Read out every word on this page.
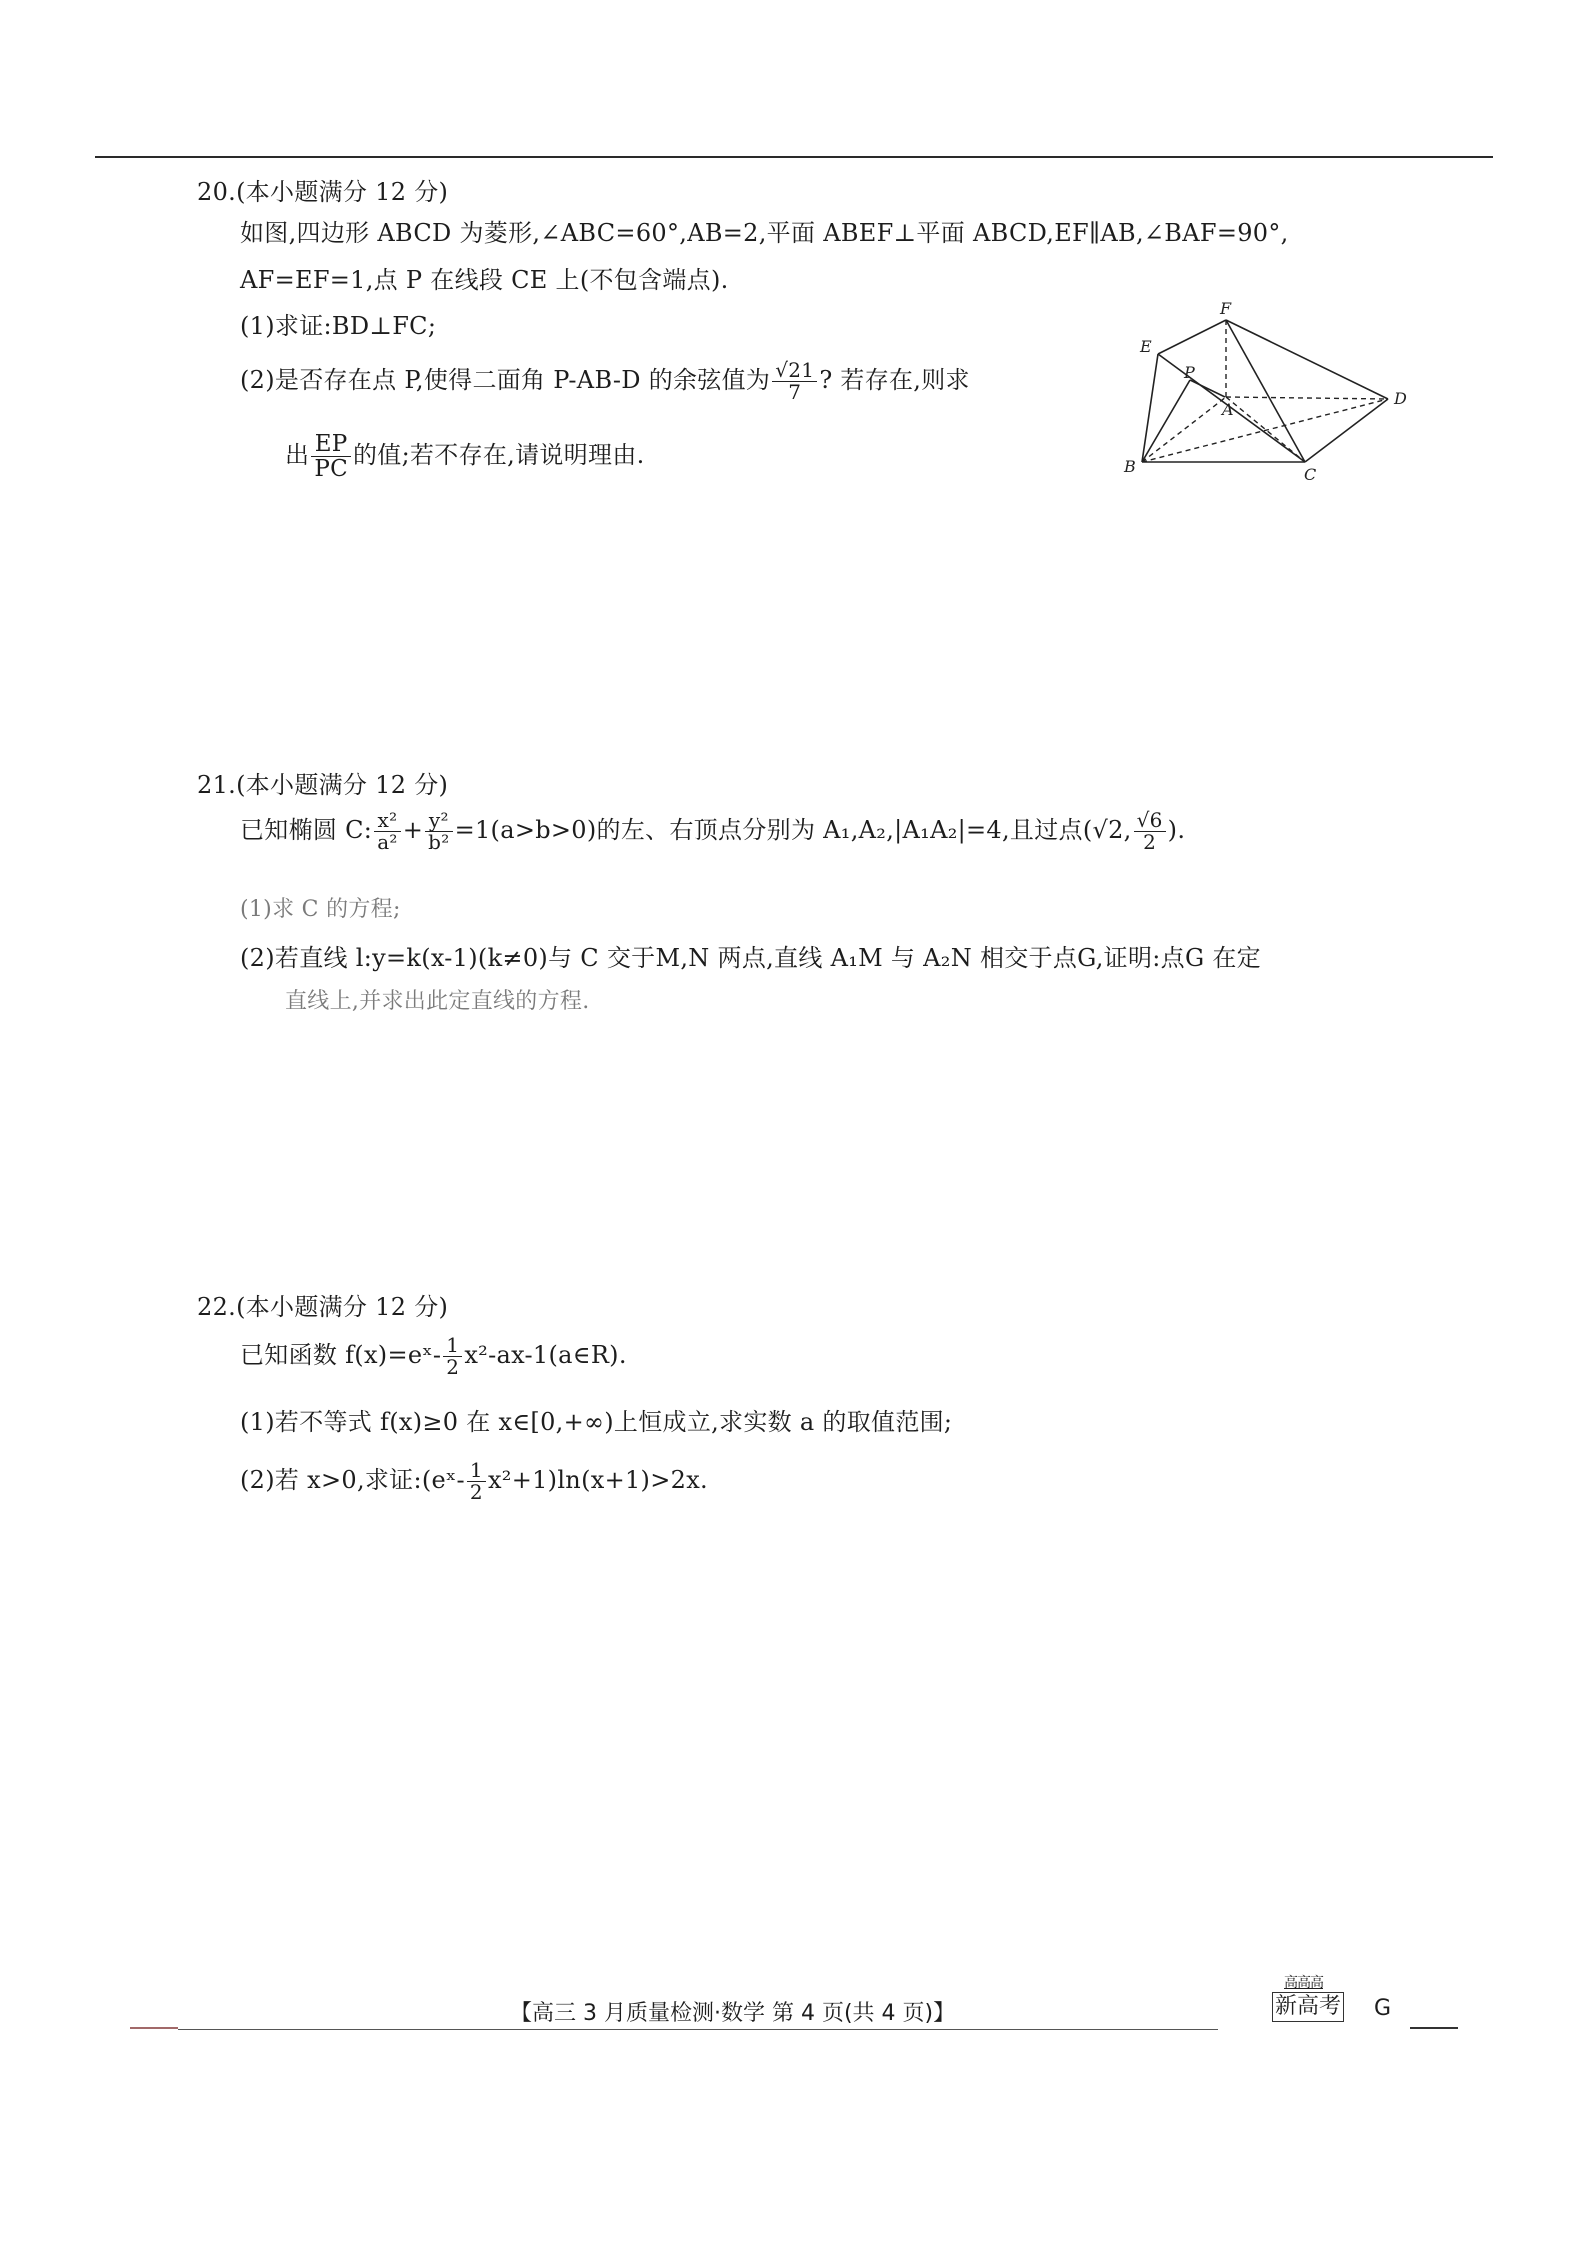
20.(本小题满分 12 分)
如图,四边形 ABCD 为菱形,∠ABC=60°,AB=2,平面 ABEF⊥平面 ABCD,EF∥AB,∠BAF=90°,
AF=EF=1,点 P 在线段 CE 上(不包含端点).
(1)求证:BD⊥FC;
(2)是否存在点 P,使得二面角 P-AB-D 的余弦值为 $\frac{√21}{7}$ ? 若存在,则求
出 $\frac{EP}{PC}$ 的值;若不存在,请说明理由.
F
E
P
A
D
B	C
21.(本小题满分 12 分)
已知椭圆 C: $\frac{\text{x²}}{\text{a²}} + \frac{\text{y²}}{\text{b²}} =1(a>b>0)$的左、右顶点分别为 A₁,A₂,|A₁A₂|=4,且过点(√2, $\frac{√6}{2}$ ).
(1)求 C 的方程;
(2)若直线 l:y=k(x-1)(k≠0)与 C 交于M,N 两点,直线 A₁M 与 A₂N 相交于点G,证明:点G 在定
直线上,并求出此定直线的方程.
22.(本小题满分 12 分)
已知函数 f(x)=eˣ- $\frac{1}{2}$ x²-ax-1(a∈R).
(1)若不等式 f(x)≥0 在 x∈[0,+∞)上恒成立,求实数 a 的取值范围;
(2)若 x>0,求证:(eˣ- $\frac{1}{2} x^2+1)\ln(x+1)>2x$.
【高三 3 月质量检测·数学 第 4 页(共 4 页)】
高高高
新高考 G
